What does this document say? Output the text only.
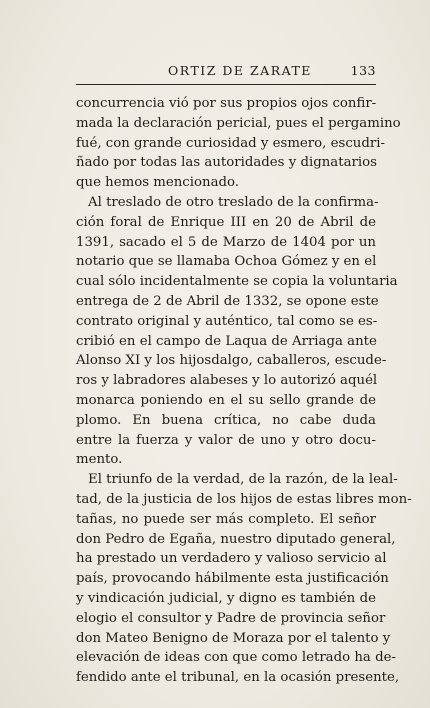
ORTIZ DE ZARATE	133
concurrencia vió por sus propios ojos confir-
mada la declaración pericial, pues el pergamino
fué, con grande curiosidad y esmero, escudri-
ñado por todas las autoridades y dignatarios
que hemos mencionado.
Al treslado de otro treslado de la confirma-
ción foral de Enrique III en 20 de Abril de
1391, sacado el 5 de Marzo de 1404 por un
notario que se llamaba Ochoa Gómez y en el
cual sólo incidentalmente se copia la voluntaria
entrega de 2 de Abril de 1332, se opone este
contrato original y auténtico, tal como se es-
cribió en el campo de Laqua de Arriaga ante
Alonso XI y los hijosdalgo, caballeros, escude-
ros y labradores alabeses y lo autorizó aquél
monarca poniendo en el su sello grande de
plomo. En buena crítica, no cabe duda
entre la fuerza y valor de uno y otro docu-
mento.
El triunfo de la verdad, de la razón, de la leal-
tad, de la justicia de los hijos de estas libres mon-
tañas, no puede ser más completo. El señor
don Pedro de Egaña, nuestro diputado general,
ha prestado un verdadero y valioso servicio al
país, provocando hábilmente esta justificación
y vindicación judicial, y digno es también de
elogio el consultor y Padre de provincia señor
don Mateo Benigno de Moraza por el talento y
elevación de ideas con que como letrado ha de-
fendido ante el tribunal, en la ocasión presente,
